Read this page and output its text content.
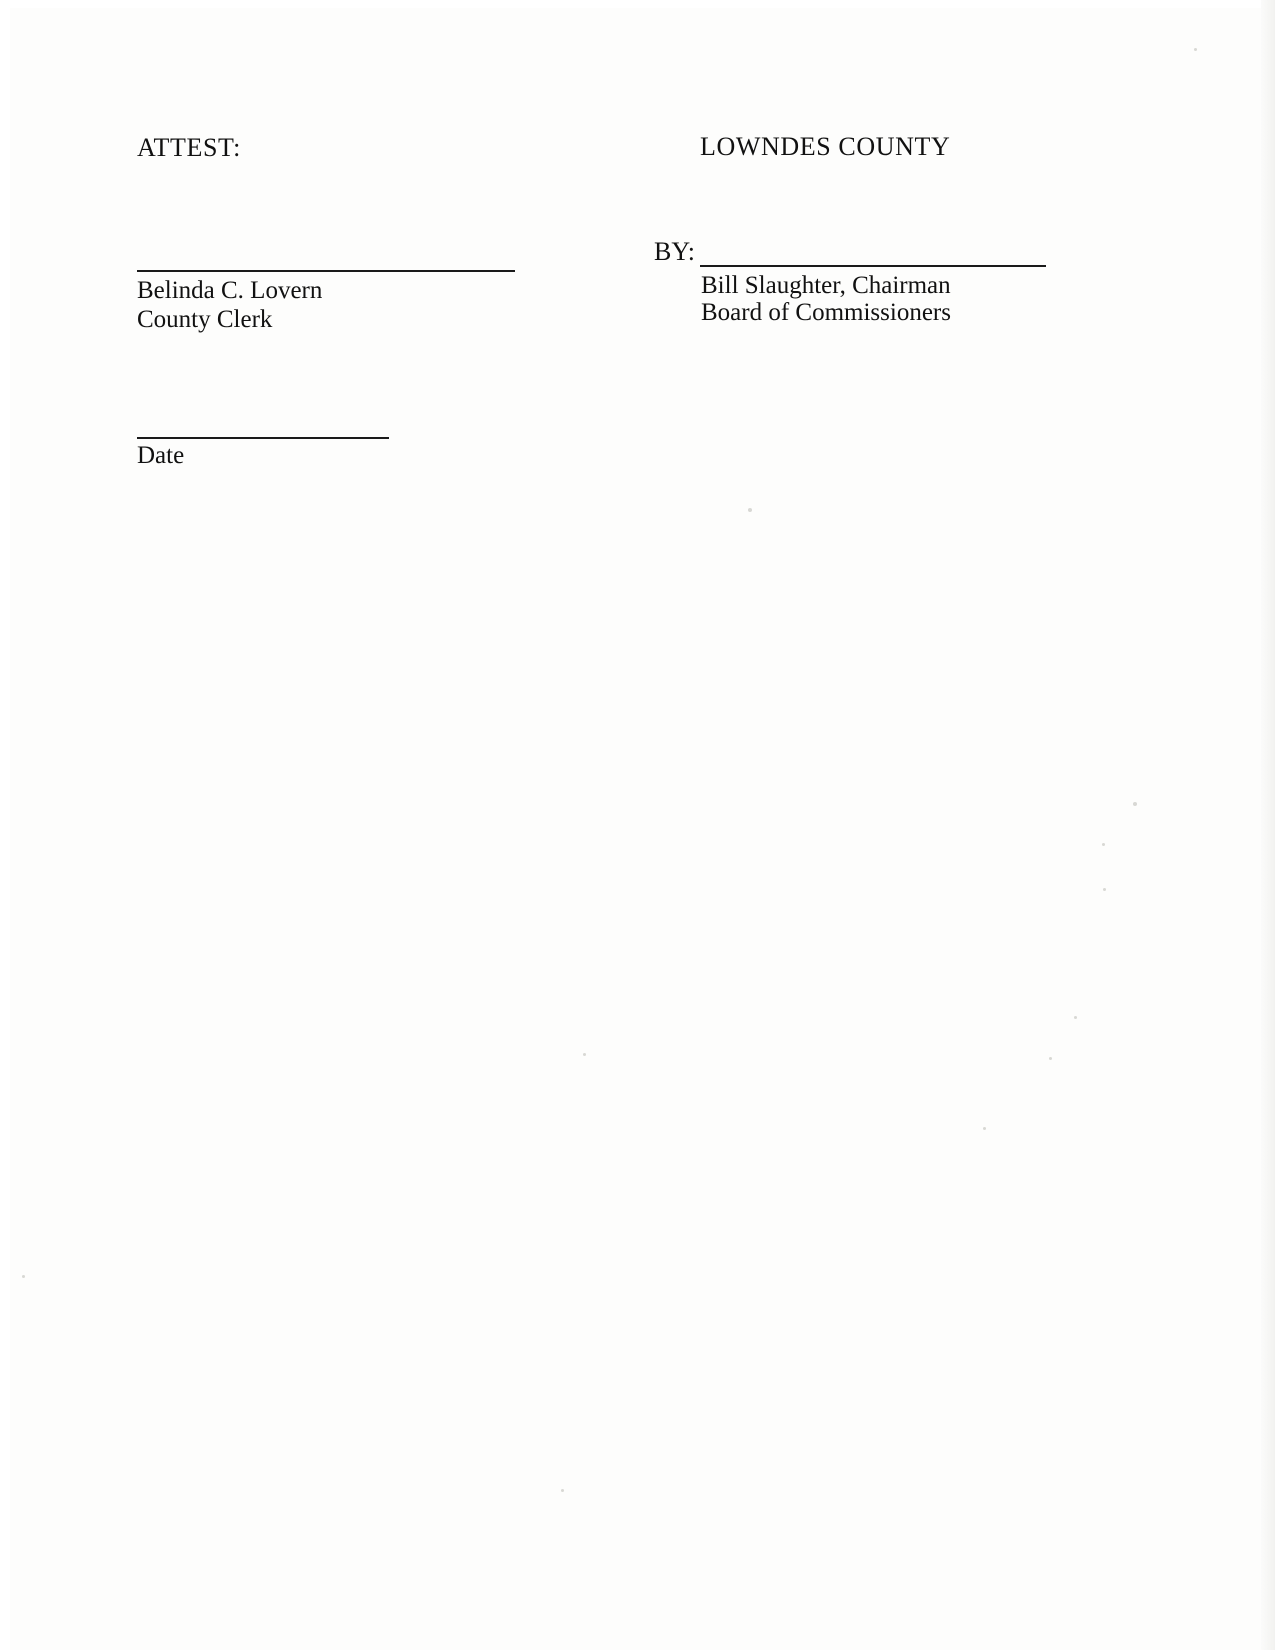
ATTEST:
Belinda C. Lovern
County Clerk
Date
LOWNDES COUNTY
BY:
Bill Slaughter, Chairman
Board of Commissioners
